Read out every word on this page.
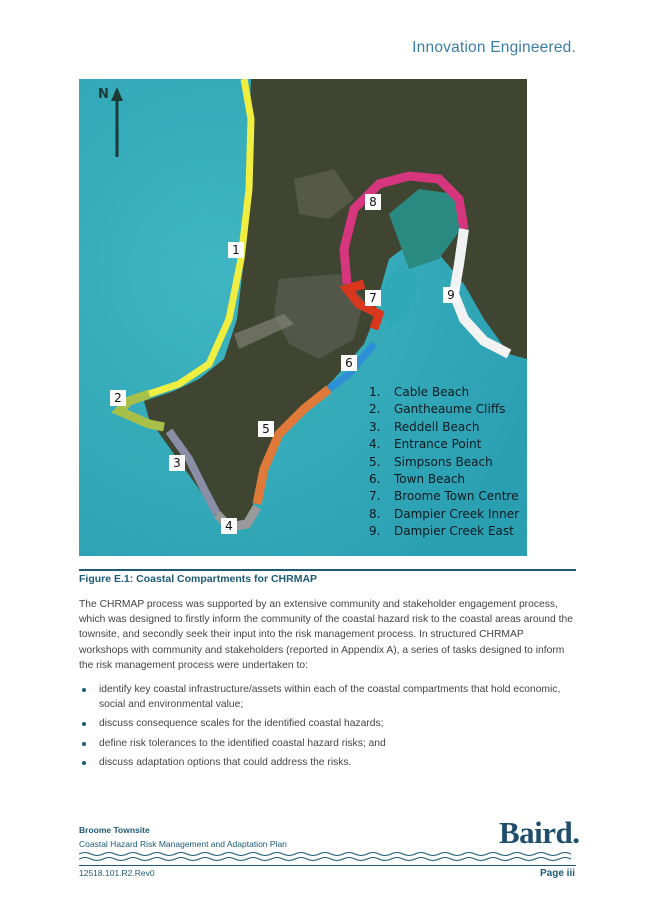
Innovation Engineered.
N
1
2
3
4
5
6
7
8
9
1. Cable Beach
2. Gantheaume Cliffs
3. Reddell Beach
4. Entrance Point
5. Simpsons Beach
6. Town Beach
7. Broome Town Centre
8. Dampier Creek Inner
9. Dampier Creek East
Figure E.1: Coastal Compartments for CHRMAP

The CHRMAP process was supported by an extensive community and stakeholder engagement process, which was designed to firstly inform the community of the coastal hazard risk to the coastal areas around the townsite, and secondly seek their input into the risk management process. In structured CHRMAP workshops with community and stakeholders (reported in Appendix A), a series of tasks designed to inform the risk management process were undertaken to:

identify key coastal infrastructure/assets within each of the coastal compartments that hold economic, social and environmental value;
discuss consequence scales for the identified coastal hazards;
define risk tolerances to the identified coastal hazard risks; and
discuss adaptation options that could address the risks.
Broome Townsite
Coastal Hazard Risk Management and Adaptation Plan	Baird.
12518.101.R2.Rev0	Page iii
